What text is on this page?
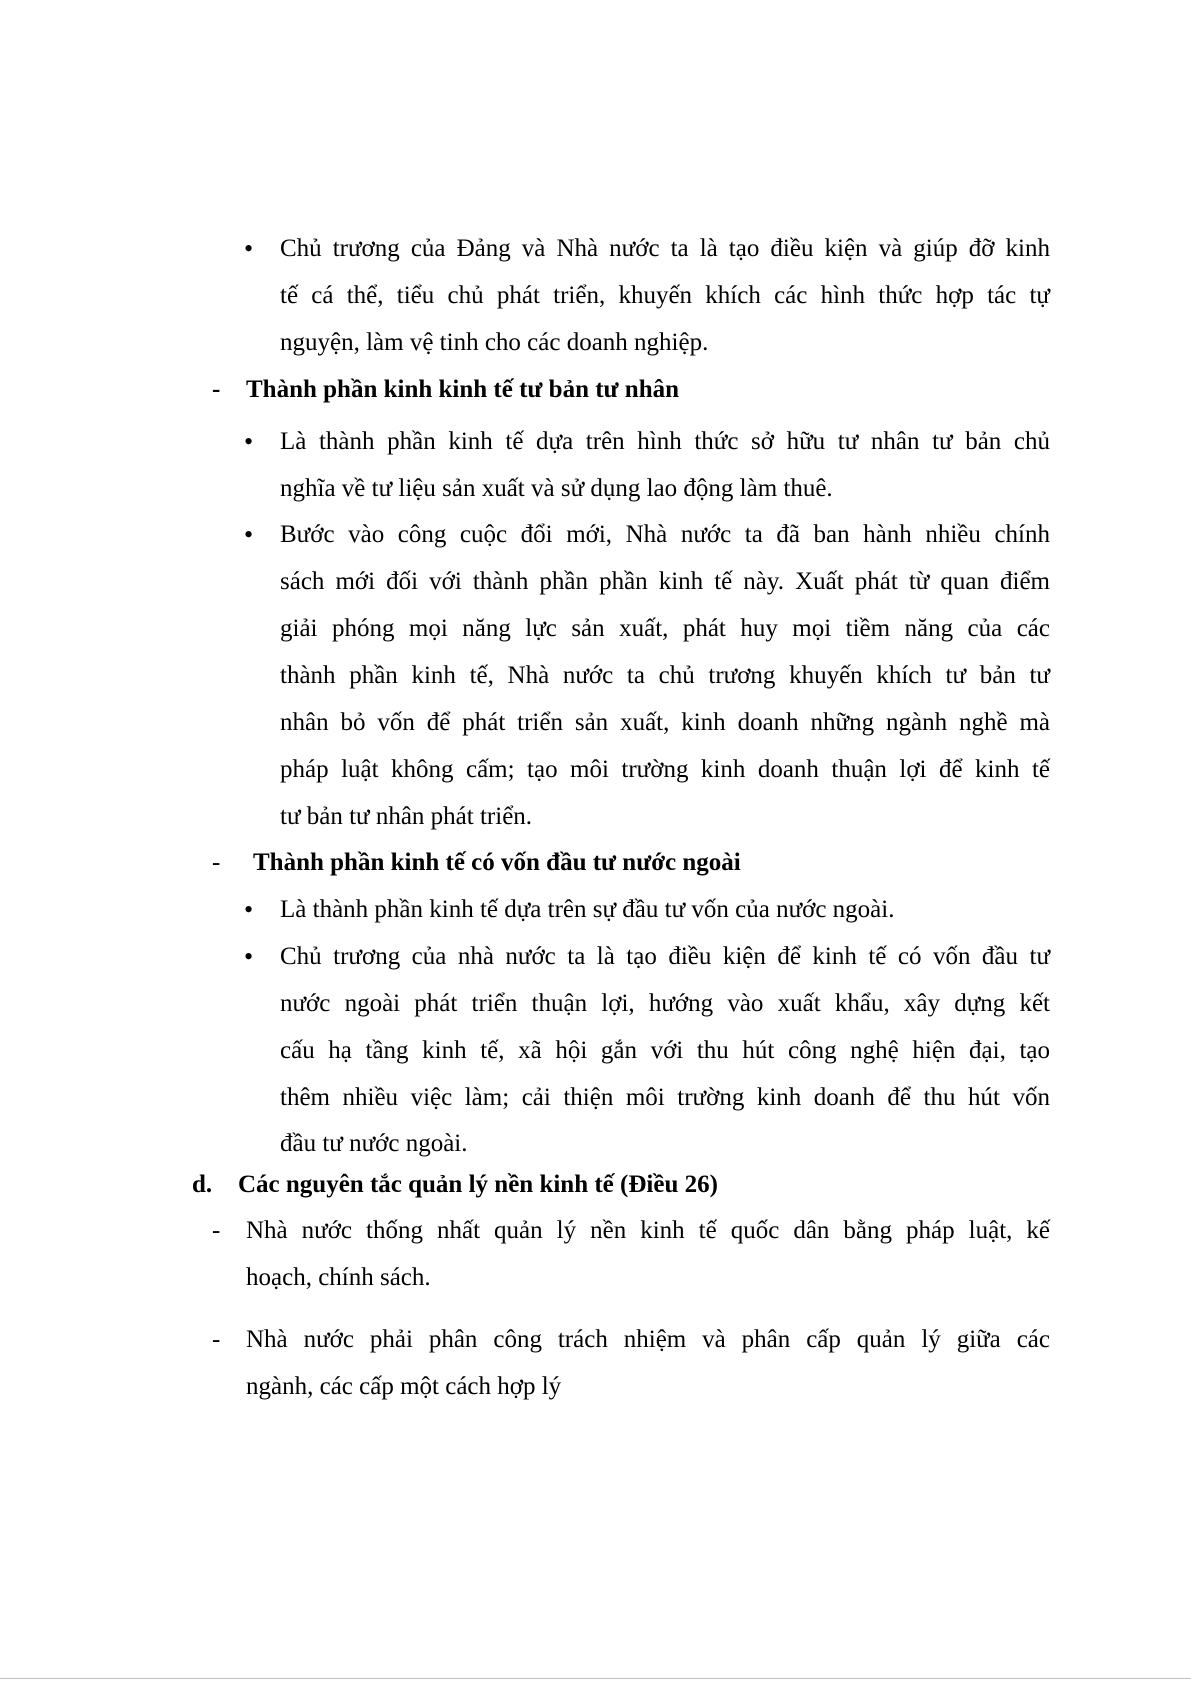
•
•
•
•
•
-
-
-
-
d.
Chủ trương của Đảng và Nhà nước ta là tạo điều kiện và giúp đỡ kinh
tế cá thể, tiểu chủ phát triển, khuyến khích các hình thức hợp tác tự
nguyện, làm vệ tinh cho các doanh nghiệp.
Thành phần kinh kinh tế tư bản tư nhân
Là thành phần kinh tế dựa trên hình thức sở hữu tư nhân tư bản chủ
nghĩa về tư liệu sản xuất và sử dụng lao động làm thuê.
Bước vào công cuộc đổi mới, Nhà nước ta đã ban hành nhiều chính
sách mới đối với thành phần phần kinh tế này. Xuất phát từ quan điểm
giải phóng mọi năng lực sản xuất, phát huy mọi tiềm năng của các
thành phần kinh tế, Nhà nước ta chủ trương khuyến khích tư bản tư
nhân bỏ vốn để phát triển sản xuất, kinh doanh những ngành nghề mà
pháp luật không cấm; tạo môi trường kinh doanh thuận lợi để kinh tế
tư bản tư nhân phát triển.
Thành phần kinh tế có vốn đầu tư nước ngoài
Là thành phần kinh tế dựa trên sự đầu tư vốn của nước ngoài.
Chủ trương của nhà nước ta là tạo điều kiện để kinh tế có vốn đầu tư
nước ngoài phát triển thuận lợi, hướng vào xuất khẩu, xây dựng kết
cấu hạ tầng kinh tế, xã hội gắn với thu hút công nghệ hiện đại, tạo
thêm nhiều việc làm; cải thiện môi trường kinh doanh để thu hút vốn
đầu tư nước ngoài.
Các nguyên tắc quản lý nền kinh tế (Điều 26)
Nhà nước thống nhất quản lý nền kinh tế quốc dân bằng pháp luật, kế
hoạch, chính sách.
Nhà nước phải phân công trách nhiệm và phân cấp quản lý giữa các
ngành, các cấp một cách hợp lý
